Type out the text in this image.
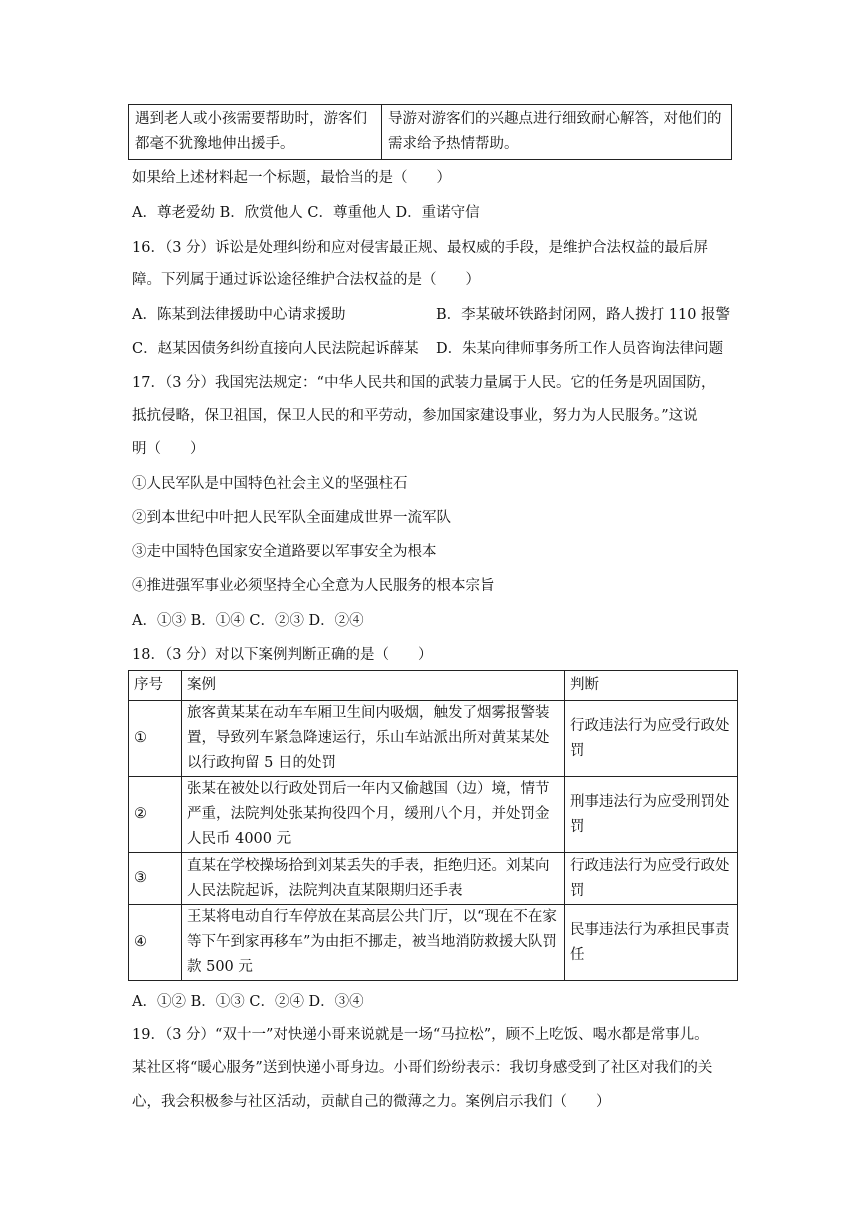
遇到老人或小孩需要帮助时，游客们都毫不犹豫地伸出援手。	导游对游客们的兴趣点进行细致耐心解答，对他们的需求给予热情帮助。
如果给上述材料起一个标题，最恰当的是（　　）
A．尊老爱幼 B．欣赏他人 C．尊重他人 D．重诺守信
16．（3 分）诉讼是处理纠纷和应对侵害最正规、最权威的手段，是维护合法权益的最后屏
障。下列属于通过诉讼途径维护合法权益的是（　　）
A．陈某到法律援助中心请求援助	B．李某破坏铁路封闭网，路人拨打 110 报警
C．赵某因债务纠纷直接向人民法院起诉薛某 D．朱某向律师事务所工作人员咨询法律问题
17．（3 分）我国宪法规定：“中华人民共和国的武装力量属于人民。它的任务是巩固国防，
抵抗侵略，保卫祖国，保卫人民的和平劳动，参加国家建设事业，努力为人民服务。”这说
明（　　）
①人民军队是中国特色社会主义的坚强柱石
②到本世纪中叶把人民军队全面建成世界一流军队
③走中国特色国家安全道路要以军事安全为根本
④推进强军事业必须坚持全心全意为人民服务的根本宗旨
A．①③ B．①④ C．②③ D．②④
18．（3 分）对以下案例判断正确的是（　　）
序号	案例	判断
①	旅客黄某某在动车车厢卫生间内吸烟，触发了烟雾报警装置，导致列车紧急降速运行，乐山车站派出所对黄某某处以行政拘留 5 日的处罚	行政违法行为应受行政处罚
②	张某在被处以行政处罚后一年内又偷越国（边）境，情节严重，法院判处张某拘役四个月，缓刑八个月，并处罚金人民币 4000 元	刑事违法行为应受刑罚处罚
③	直某在学校操场拾到刘某丢失的手表，拒绝归还。刘某向人民法院起诉，法院判决直某限期归还手表	行政违法行为应受行政处罚
④	王某将电动自行车停放在某高层公共门厅，以“现在不在家等下午到家再移车”为由拒不挪走，被当地消防救援大队罚款 500 元	民事违法行为承担民事责任
A．①② B．①③ C．②④ D．③④
19．（3 分）“双十一”对快递小哥来说就是一场“马拉松”，顾不上吃饭、喝水都是常事儿。
某社区将“暖心服务”送到快递小哥身边。小哥们纷纷表示：我切身感受到了社区对我们的关
心，我会积极参与社区活动，贡献自己的微薄之力。案例启示我们（　　）
